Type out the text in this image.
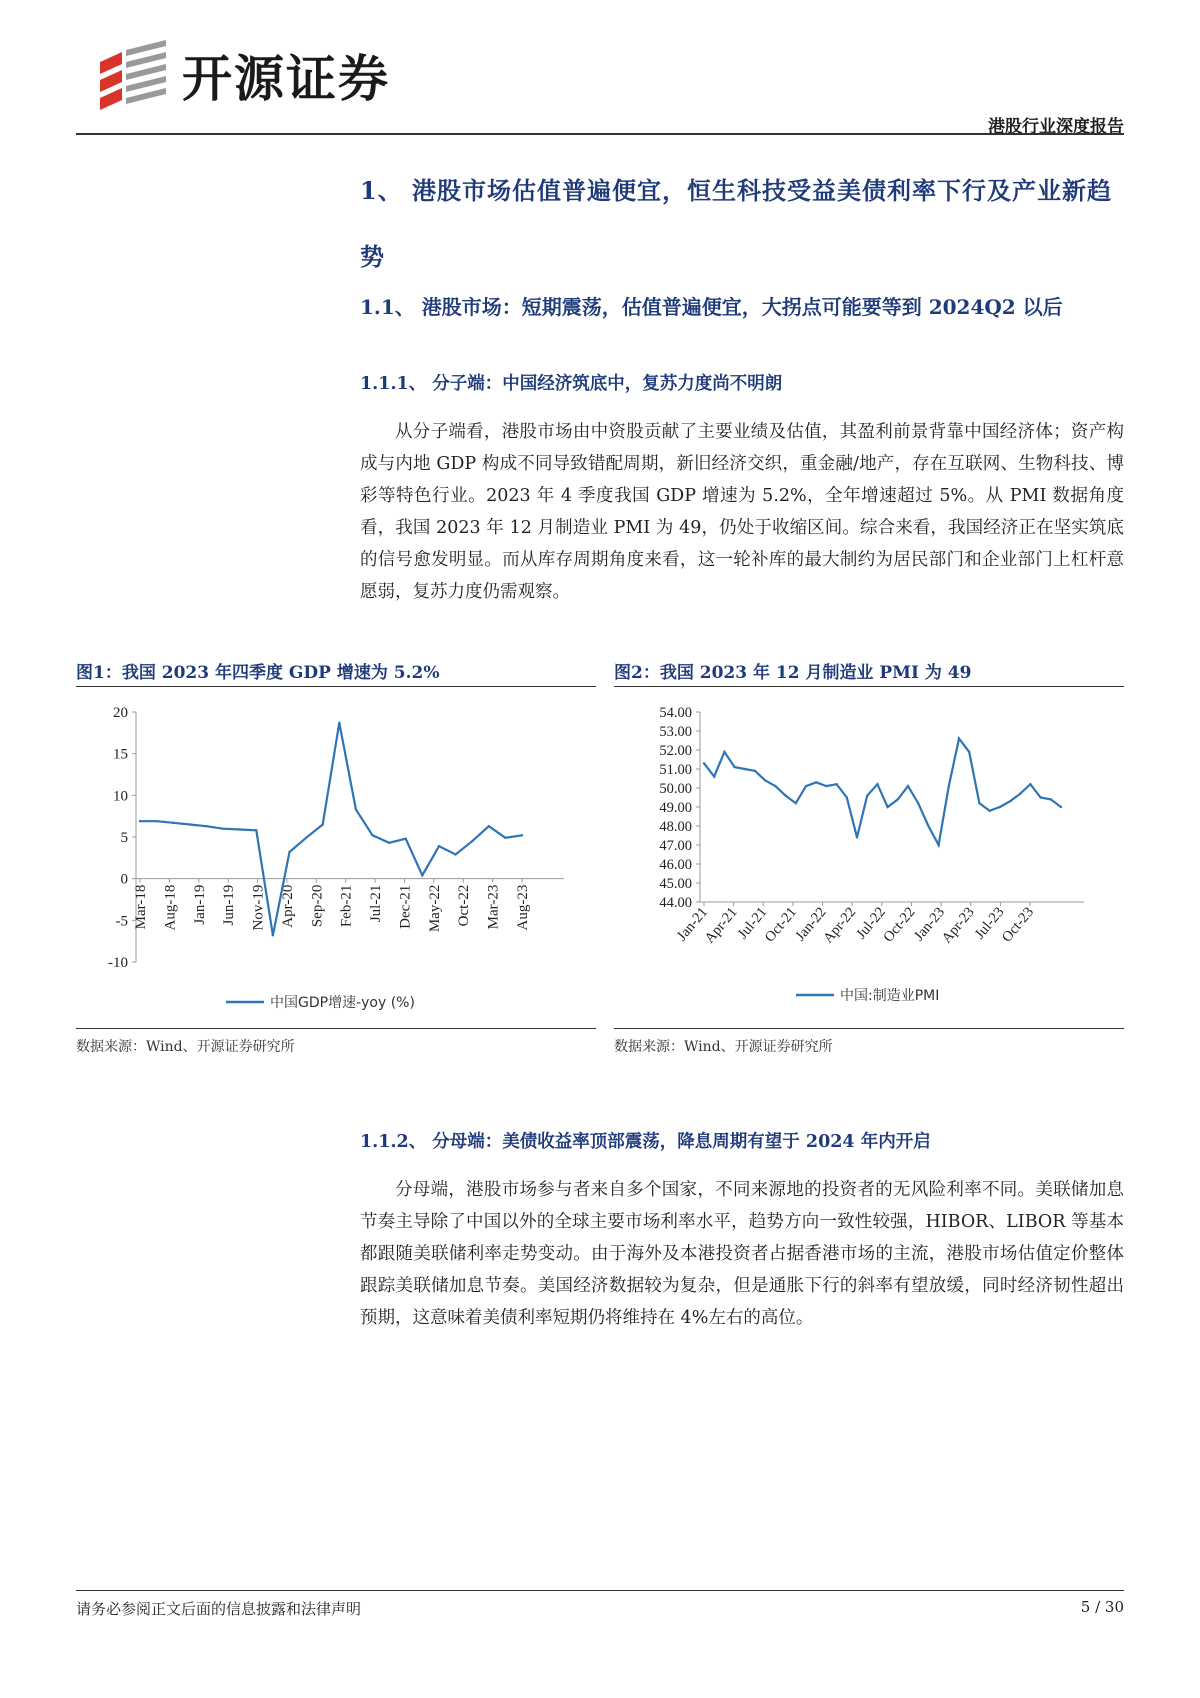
开源证券
港股行业深度报告
1、 港股市场估值普遍便宜，恒生科技受益美债利率下行及产业新趋势
1.1、 港股市场：短期震荡，估值普遍便宜，大拐点可能要等到 2024Q2 以后
1.1.1、 分子端：中国经济筑底中，复苏力度尚不明朗
从分子端看，港股市场由中资股贡献了主要业绩及估值，其盈利前景背靠中国经济体；资产构成与内地 GDP 构成不同导致错配周期，新旧经济交织，重金融/地产，存在互联网、生物科技、博彩等特色行业。2023 年 4 季度我国 GDP 增速为 5.2%，全年增速超过 5%。从 PMI 数据角度看，我国 2023 年 12 月制造业 PMI 为 49，仍处于收缩区间。综合来看，我国经济正在坚实筑底的信号愈发明显。而从库存周期角度来看，这一轮补库的最大制约为居民部门和企业部门上杠杆意愿弱，复苏力度仍需观察。
图1：我国 2023 年四季度 GDP 增速为 5.2%
-10
-5
0
5
10
15
20
Mar-18 Aug-18 Jan-19 Jun-19 Nov-19 Apr-20 Sep-20 Feb-21 Jul-21 Dec-21 May-22 Oct-22 Mar-23 Aug-23
中国GDP增速-yoy (%)
数据来源：Wind、开源证券研究所
图2：我国 2023 年 12 月制造业 PMI 为 49
44.00
45.00
46.00
47.00
48.00
49.00
50.00
51.00
52.00
53.00
54.00
Jan-21
Apr-21
Jul-21
Oct-21
Jan-22
Apr-22
Jul-22
Oct-22
Jan-23
Apr-23
Jul-23
Oct-23
中国:制造业PMI
数据来源：Wind、开源证券研究所
1.1.2、 分母端：美债收益率顶部震荡，降息周期有望于 2024 年内开启
分母端，港股市场参与者来自多个国家，不同来源地的投资者的无风险利率不同。美联储加息节奏主导除了中国以外的全球主要市场利率水平，趋势方向一致性较强，HIBOR、LIBOR 等基本都跟随美联储利率走势变动。由于海外及本港投资者占据香港市场的主流，港股市场估值定价整体跟踪美联储加息节奏。美国经济数据较为复杂，但是通胀下行的斜率有望放缓，同时经济韧性超出预期，这意味着美债利率短期仍将维持在 4%左右的高位。
请务必参阅正文后面的信息披露和法律声明	5 / 30
